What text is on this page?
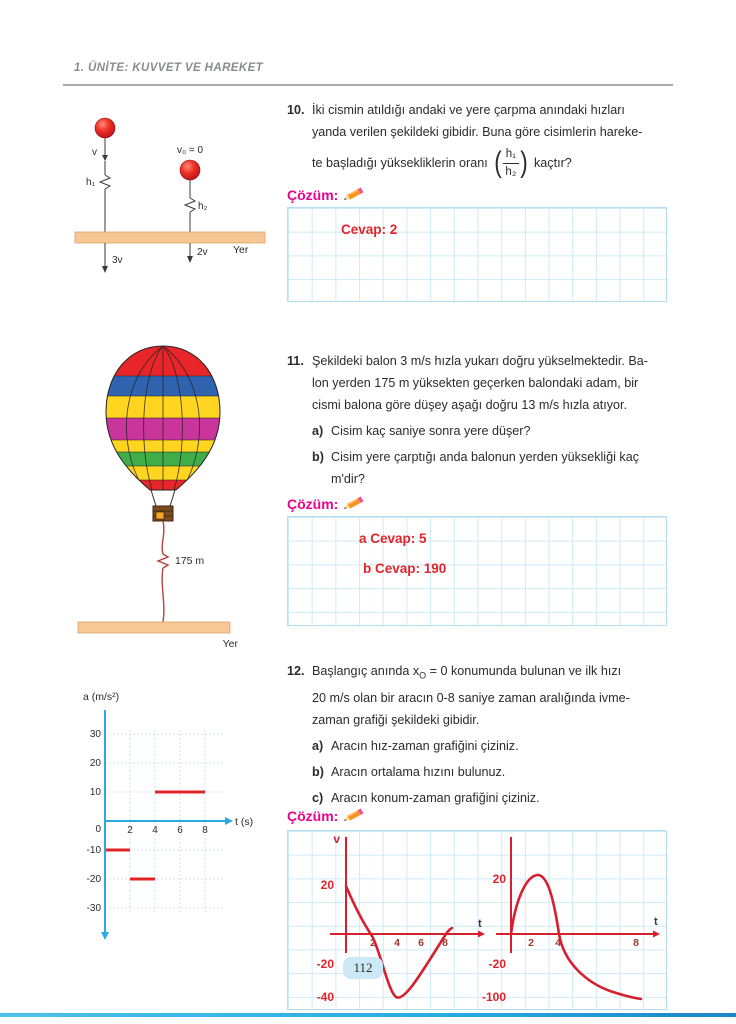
1. ÜNİTE: KUVVET VE HAREKET
v
h₁
v₀ = 0
h₂
3v
2v Yer
10. İki cismin atıldığı andaki ve yere çarpma anındaki hızları
yanda verilen şekildeki gibidir. Buna göre cisimlerin hareke-
te başladığı yüksekliklerin oranı ( $\frac{\text{h₁}}{\text{h₂}}$ ) kaçtır?
Çözüm:
Cevap: 2
175 m
Yer
11. Şekildeki balon 3 m/s hızla yukarı doğru yükselmektedir. Ba-
lon yerden 175 m yüksekten geçerken balondaki adam, bir
cismi balona göre düşey aşağı doğru 13 m/s hızla atıyor.
a) Cisim kaç saniye sonra yere düşer?
b) Cisim yere çarptığı anda balonun yerden yüksekliği kaç
m'dir?
Çözüm:
a Cevap: 5
b Cevap: 190
a (m/s²)
t (s)
30
20
10
0
-10
-20
-30
2 4 6 8
12. Başlangıç anında $x_O = 0$ konumunda bulunan ve ilk hızı
20 m/s olan bir aracın 0-8 saniye zaman aralığında ivme-
zaman grafiği şekildeki gibidir.
a) Aracın hız-zaman grafiğini çiziniz.
b) Aracın ortalama hızını bulunuz.
c) Aracın konum-zaman grafiğini çiziniz.
Çözüm:
v
t
2 4 6 8
20
-20
-40
t
2 4	8
20
-20
-100
112
